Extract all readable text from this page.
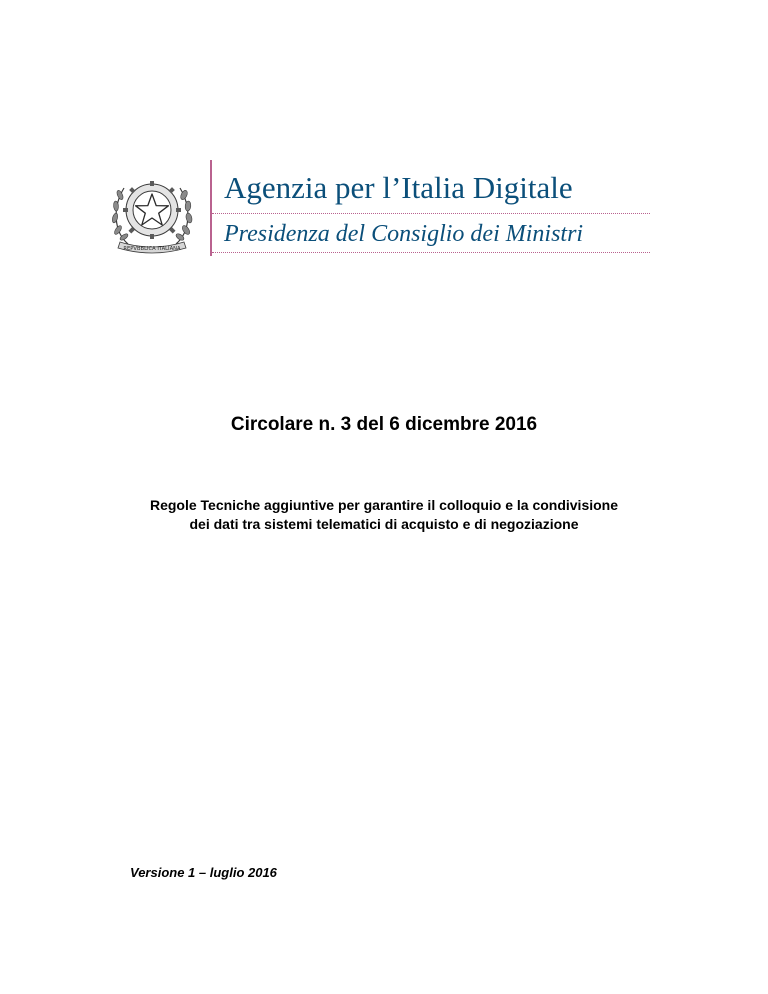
REPVBBLICA ITALIANA
Agenzia per l’Italia Digitale
Presidenza del Consiglio dei Ministri
Circolare n. 3 del 6 dicembre 2016
Regole Tecniche aggiuntive per garantire il colloquio e la condivisione
dei dati tra sistemi telematici di acquisto e di negoziazione
Versione 1 – luglio 2016
